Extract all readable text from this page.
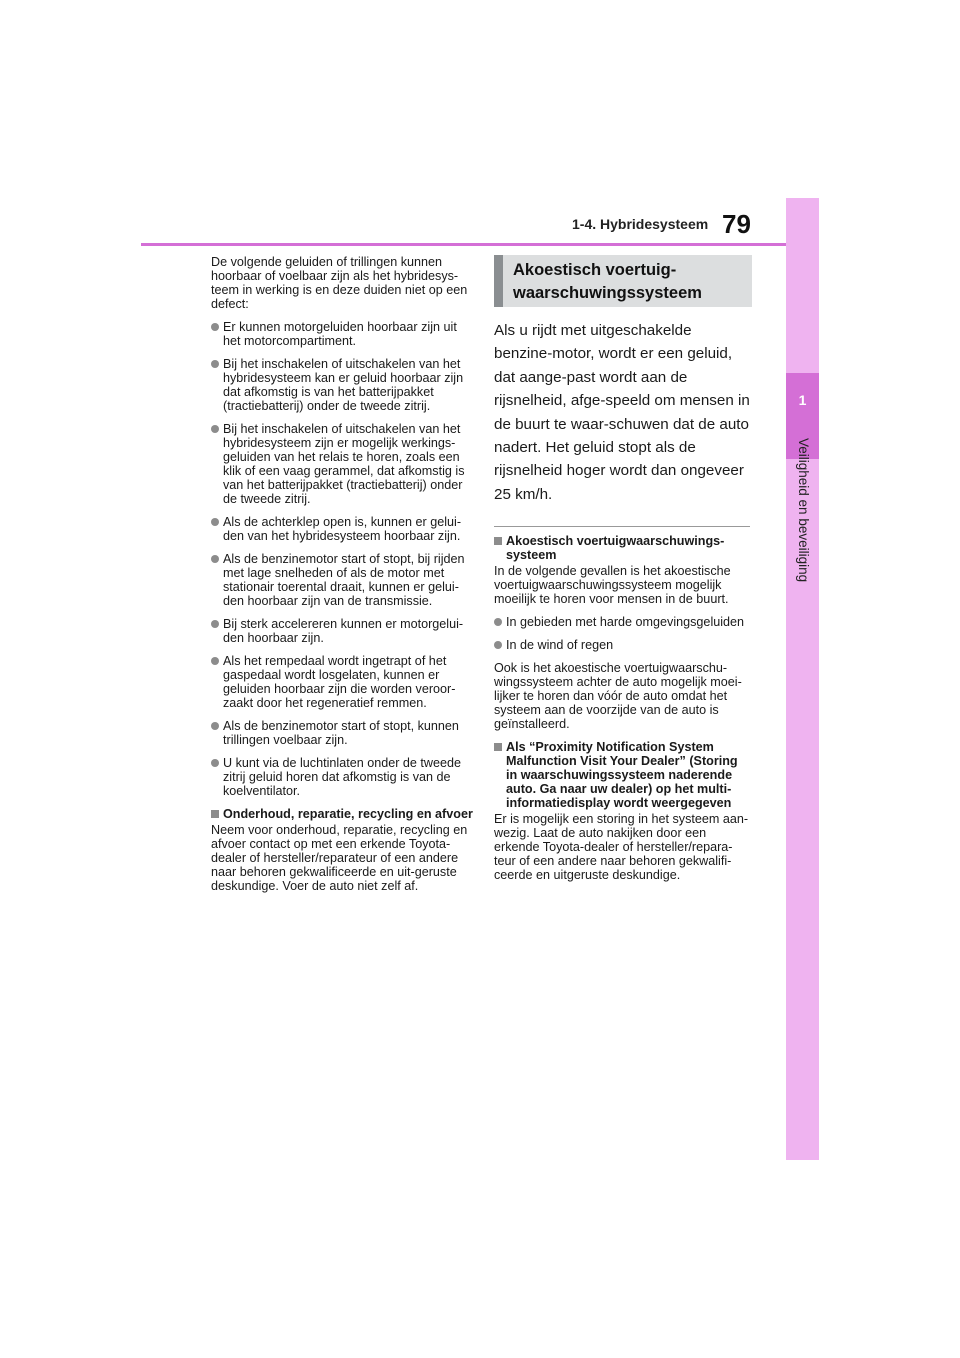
1
Veiligheid en beveiliging
1-4. Hybridesysteem 79

De volgende geluiden of trillingen kunnen hoorbaar of voelbaar zijn als het hybridesys-teem in werking is en deze duiden niet op een defect:

Er kunnen motorgeluiden hoorbaar zijn uit het motorcompartiment.
Bij het inschakelen of uitschakelen van het hybridesysteem kan er geluid hoorbaar zijn dat afkomstig is van het batterijpakket (tractiebatterij) onder de tweede zitrij.
Bij het inschakelen of uitschakelen van het hybridesysteem zijn er mogelijk werkings-geluiden van het relais te horen, zoals een klik of een vaag gerammel, dat afkomstig is van het batterijpakket (tractiebatterij) onder de tweede zitrij.
Als de achterklep open is, kunnen er gelui-den van het hybridesysteem hoorbaar zijn.
Als de benzinemotor start of stopt, bij rijden met lage snelheden of als de motor met stationair toerental draait, kunnen er gelui-den hoorbaar zijn van de transmissie.
Bij sterk accelereren kunnen er motorgelui-den hoorbaar zijn.
Als het rempedaal wordt ingetrapt of het gaspedaal wordt losgelaten, kunnen er geluiden hoorbaar zijn die worden veroor-zaakt door het regeneratief remmen.
Als de benzinemotor start of stopt, kunnen trillingen voelbaar zijn.
U kunt via de luchtinlaten onder de tweede zitrij geluid horen dat afkomstig is van de koelventilator.
Onderhoud, reparatie, recycling en afvoer

Neem voor onderhoud, reparatie, recycling en afvoer contact op met een erkende Toyota-dealer of hersteller/reparateur of een andere naar behoren gekwalificeerde en uit-geruste deskundige. Voer de auto niet zelf af.

Akoestisch voertuig-
waarschuwingssysteem

Als u rijdt met uitgeschakelde benzine-motor, wordt er een geluid, dat aange-past wordt aan de rijsnelheid, afge-speeld om mensen in de buurt te waar-schuwen dat de auto nadert. Het geluid stopt als de rijsnelheid hoger wordt dan ongeveer 25 km/h.

Akoestisch voertuigwaarschuwings-systeem

In de volgende gevallen is het akoestische voertuigwaarschuwingssysteem mogelijk moeilijk te horen voor mensen in de buurt.

In gebieden met harde omgevingsgeluiden
In de wind of regen

Ook is het akoestische voertuigwaarschu-wingssysteem achter de auto mogelijk moei-lijker te horen dan vóór de auto omdat het systeem aan de voorzijde van de auto is geïnstalleerd.

Als “Proximity Notification System Malfunction Visit Your Dealer” (Storing in waarschuwingssysteem naderende auto. Ga naar uw dealer) op het multi-informatiedisplay wordt weergegeven

Er is mogelijk een storing in het systeem aan-wezig. Laat de auto nakijken door een erkende Toyota-dealer of hersteller/repara-teur of een andere naar behoren gekwalifi-ceerde en uitgeruste deskundige.
